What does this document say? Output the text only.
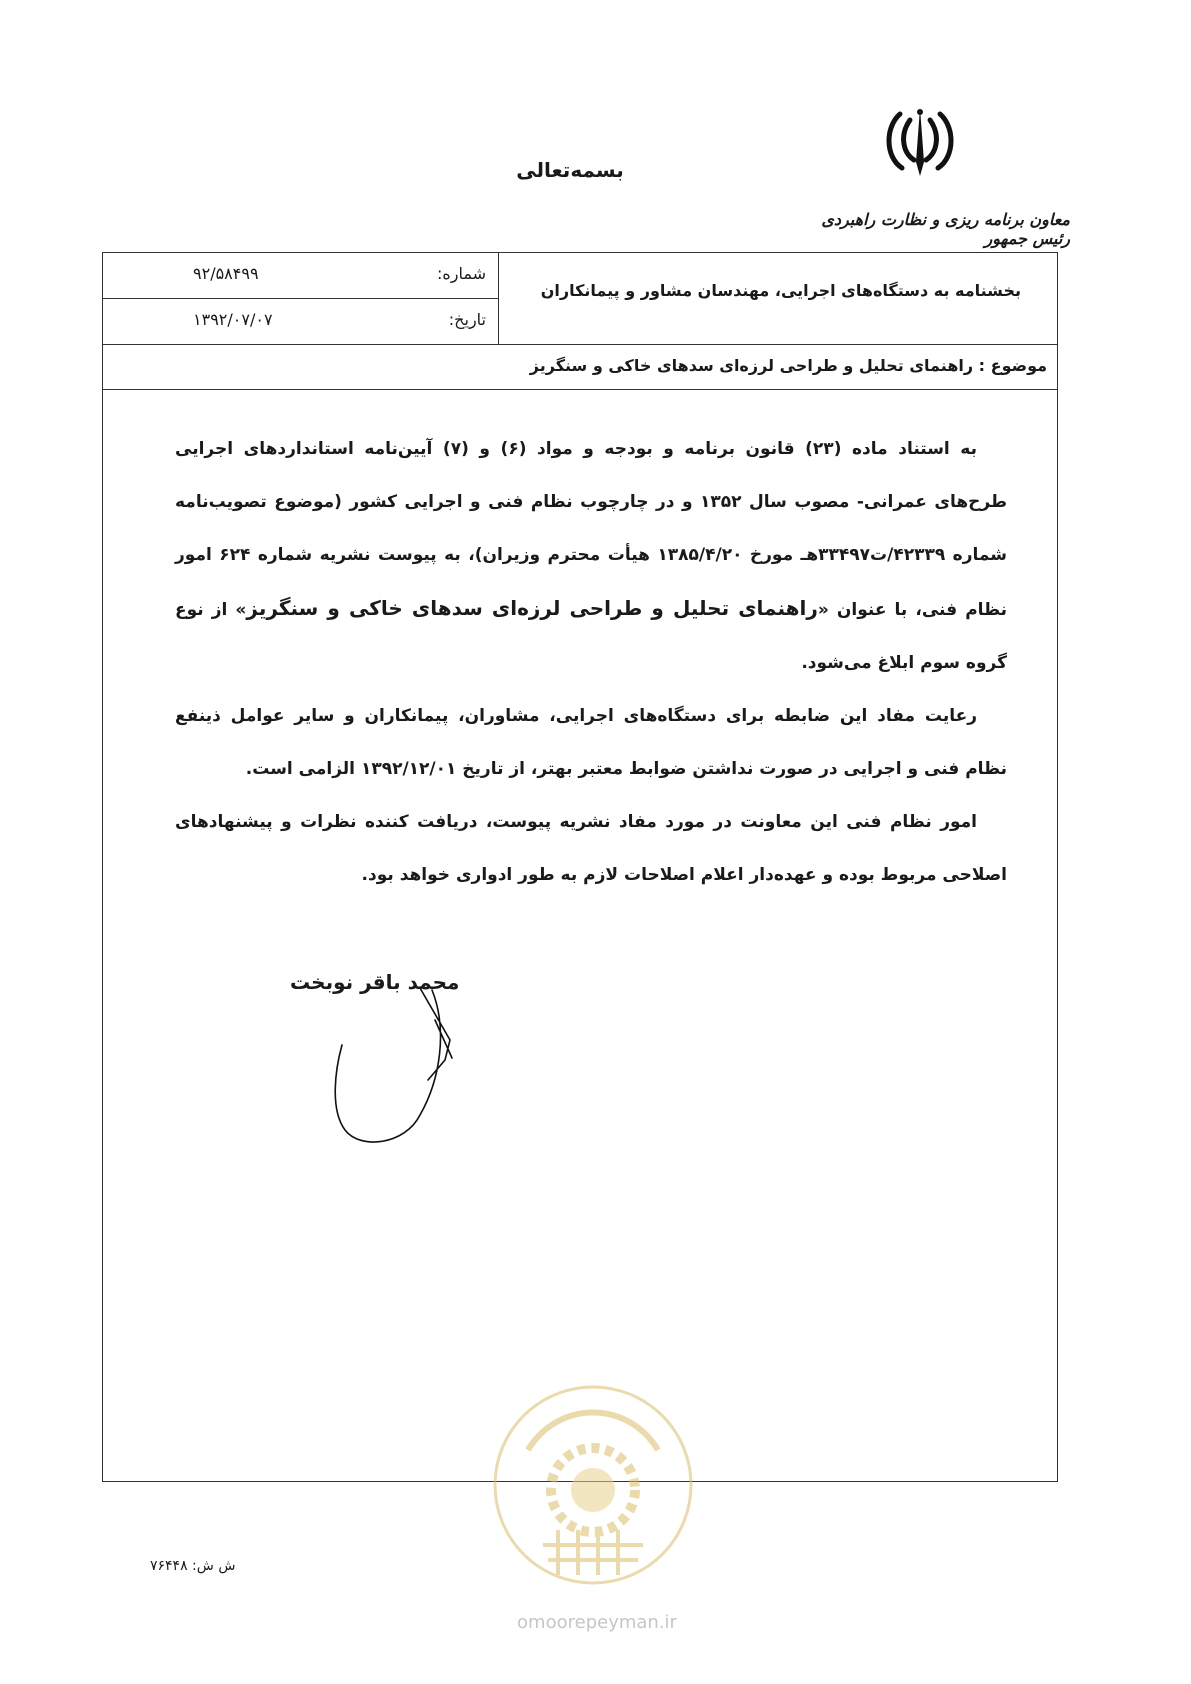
بسمه‌تعالی
معاون برنامه ریزی و نظارت راهبردی رئیس جمهور
شماره:
۹۲/۵۸۴۹۹
تاریخ:
۱۳۹۲/۰۷/۰۷
بخشنامه به دستگاه‌های اجرایی، مهندسان مشاور و پیمانکاران
موضوع : راهنمای تحلیل و طراحی لرزه‌ای سدهای خاکی و سنگریز

به استناد ماده (۲۳) قانون برنامه و بودجه و مواد (۶) و (۷) آیین‌نامه استانداردهای اجرایی طرح‌های عمرانی- مصوب سال ۱۳۵۲ و در چارچوب نظام فنی و اجرایی کشور (موضوع تصویب‌نامه شماره ۴۲۳۳۹/ت۳۳۴۹۷هـ مورخ ۱۳۸۵/۴/۲۰ هیأت محترم وزیران)، به پیوست نشریه شماره ۶۲۴ امور نظام فنی، با عنوان «راهنمای تحلیل و طراحی لرزه‌ای سدهای خاکی و سنگریز» از نوع گروه سوم ابلاغ می‌شود.

رعایت مفاد این ضابطه برای دستگاه‌های اجرایی، مشاوران، پیمانکاران و سایر عوامل ذینفع نظام فنی و اجرایی در صورت نداشتن ضوابط معتبر بهتر، از تاریخ ۱۳۹۲/۱۲/۰۱ الزامی است.

امور نظام فنی این معاونت در مورد مفاد نشریه پیوست، دریافت کننده نظرات و پیشنهادهای اصلاحی مربوط بوده و عهده‌دار اعلام اصلاحات لازم به طور ادواری خواهد بود.

محمد باقر نوبخت
ش ش: ۷۶۴۴۸
omoorepeyman.ir
